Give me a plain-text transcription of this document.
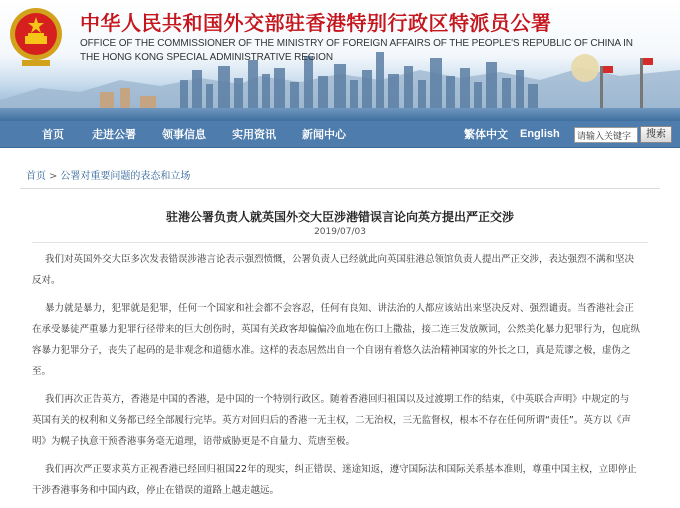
中华人民共和国外交部驻香港特别行政区特派员公署
OFFICE OF THE COMMISSIONER OF THE MINISTRY OF FOREIGN AFFAIRS OF THE PEOPLE'S REPUBLIC OF CHINA IN
THE HONG KONG SPECIAL ADMINISTRATIVE REGION
首页	走进公署 领事信息 实用资讯 新闻中心	繁体中文 English
请输入关键字	搜索
首页 > 公署对重要问题的表态和立场
驻港公署负责人就英国外交大臣涉港错误言论向英方提出严正交涉
2019/07/03
我们对英国外交大臣多次发表错误涉港言论表示强烈愤慨，公署负责人已经就此向英国驻港总领馆负责人提出严正交涉，表达强烈不满和坚决
反对。
暴力就是暴力，犯罪就是犯罪，任何一个国家和社会都不会容忍，任何有良知、讲法治的人都应该站出来坚决反对、强烈谴责。当香港社会正
在承受暴徒严重暴力犯罪行径带来的巨大创伤时，英国有关政客却偏偏冷血地在伤口上撒盐，接二连三发放厥词，公然美化暴力犯罪行为，包庇纵
容暴力犯罪分子，丧失了起码的是非观念和道德水准。这样的表态居然出自一个自诩有着悠久法治精神国家的外长之口，真是荒谬之极，虚伪之
至。
我们再次正告英方，香港是中国的香港，是中国的一个特别行政区。随着香港回归祖国以及过渡期工作的结束，《中英联合声明》中规定的与
英国有关的权利和义务都已经全部履行完毕。英方对回归后的香港一无主权，二无治权，三无监督权，根本不存在任何所谓“责任”。英方以《声
明》为幌子执意干预香港事务毫无道理，语带威胁更是不自量力、荒唐至极。
我们再次严正要求英方正视香港已经回归祖国22年的现实，纠正错误、迷途知返，遵守国际法和国际关系基本准则，尊重中国主权，立即停止
干涉香港事务和中国内政，停止在错误的道路上越走越远。
